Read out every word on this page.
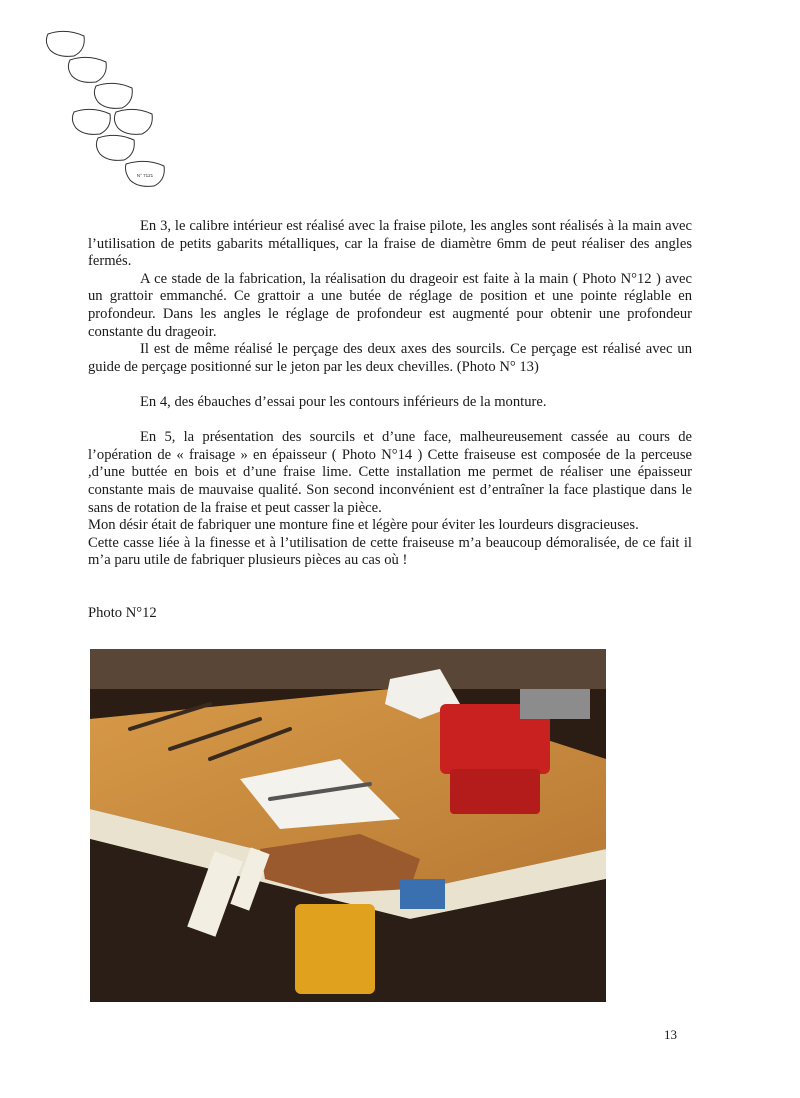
N° 7121

En 3, le calibre intérieur est réalisé avec la fraise pilote, les angles sont réalisés à la main avec l’utilisation de petits gabarits métalliques, car la fraise de diamètre 6mm de peut réaliser des angles fermés.

A ce stade de la fabrication, la réalisation du drageoir est faite à la main ( Photo N°12 ) avec un grattoir emmanché. Ce grattoir a une butée de réglage de position et une pointe réglable en profondeur. Dans les angles le réglage de profondeur est augmenté pour obtenir une profondeur constante du drageoir.

Il est de même réalisé le perçage des deux axes des sourcils. Ce perçage est réalisé avec un guide de perçage positionné sur le jeton par les deux chevilles. (Photo N° 13)

En 4, des ébauches d’essai pour les contours inférieurs de la monture.

En 5, la présentation des sourcils et d’une face, malheureusement cassée au cours de l’opération de « fraisage » en épaisseur ( Photo N°14 ) Cette fraiseuse est composée de la perceuse ,d’une buttée en bois et d’une fraise lime. Cette installation me permet de réaliser une épaisseur constante mais de mauvaise qualité. Son second inconvénient est d’entraîner la face plastique dans le sans de rotation de la fraise et peut casser la pièce.

Mon désir était de fabriquer une monture fine et légère pour éviter les lourdeurs disgracieuses.

Cette casse liée à la finesse et à l’utilisation de cette fraiseuse m’a beaucoup démoralisée, de ce fait il m’a paru utile de fabriquer plusieurs pièces au cas où !

Photo N°12
13
